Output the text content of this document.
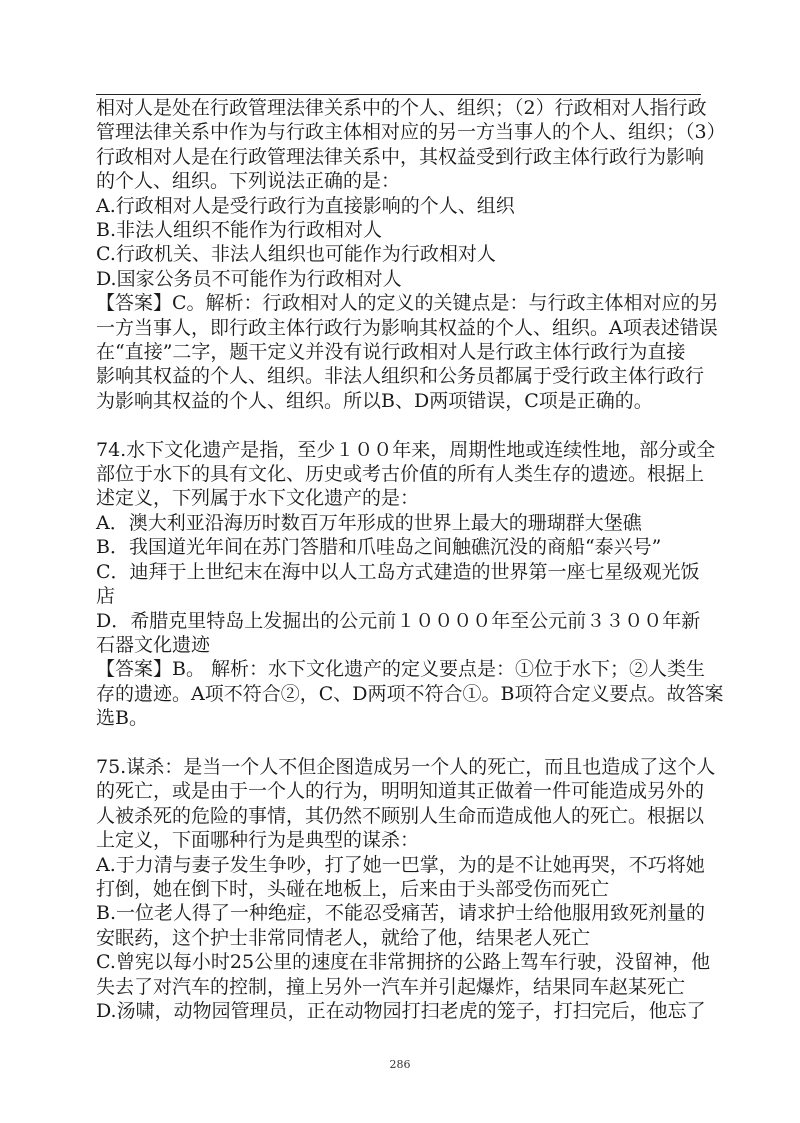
相对人是处在行政管理法律关系中的个人、组织；（2）行政相对人指行政

管理法律关系中作为与行政主体相对应的另一方当事人的个人、组织；（3）

行政相对人是在行政管理法律关系中，其权益受到行政主体行政行为影响

的个人、组织。下列说法正确的是：

A.行政相对人是受行政行为直接影响的个人、组织

B.非法人组织不能作为行政相对人

C.行政机关、非法人组织也可能作为行政相对人

D.国家公务员不可能作为行政相对人

【答案】C。解析：行政相对人的定义的关键点是：与行政主体相对应的另

一方当事人，即行政主体行政行为影响其权益的个人、组织。A项表述错误

在“直接”二字，题干定义并没有说行政相对人是行政主体行政行为直接

影响其权益的个人、组织。非法人组织和公务员都属于受行政主体行政行

为影响其权益的个人、组织。所以B、D两项错误，C项是正确的。

74.水下文化遗产是指，至少１００年来，周期性地或连续性地，部分或全

部位于水下的具有文化、历史或考古价值的所有人类生存的遗迹。根据上

述定义，下列属于水下文化遗产的是：

A．澳大利亚沿海历时数百万年形成的世界上最大的珊瑚群大堡礁

B．我国道光年间在苏门答腊和爪哇岛之间触礁沉没的商船“泰兴号”

C．迪拜于上世纪末在海中以人工岛方式建造的世界第一座七星级观光饭

店

D．希腊克里特岛上发掘出的公元前１００００年至公元前３３００年新

石器文化遗迹

【答案】B。 解析：水下文化遗产的定义要点是：①位于水下；②人类生

存的遗迹。A项不符合②，C、D两项不符合①。B项符合定义要点。故答案

选B。

75.谋杀：是当一个人不但企图造成另一个人的死亡，而且也造成了这个人

的死亡，或是由于一个人的行为，明明知道其正做着一件可能造成另外的

人被杀死的危险的事情，其仍然不顾别人生命而造成他人的死亡。根据以

上定义，下面哪种行为是典型的谋杀：

A.于力清与妻子发生争吵，打了她一巴掌，为的是不让她再哭，不巧将她

打倒，她在倒下时，头碰在地板上，后来由于头部受伤而死亡

B.一位老人得了一种绝症，不能忍受痛苦，请求护士给他服用致死剂量的

安眠药，这个护士非常同情老人，就给了他，结果老人死亡

C.曾宪以每小时25公里的速度在非常拥挤的公路上驾车行驶，没留神，他

失去了对汽车的控制，撞上另外一汽车并引起爆炸，结果同车赵某死亡

D.汤啸，动物园管理员，正在动物园打扫老虎的笼子，打扫完后，他忘了

286
